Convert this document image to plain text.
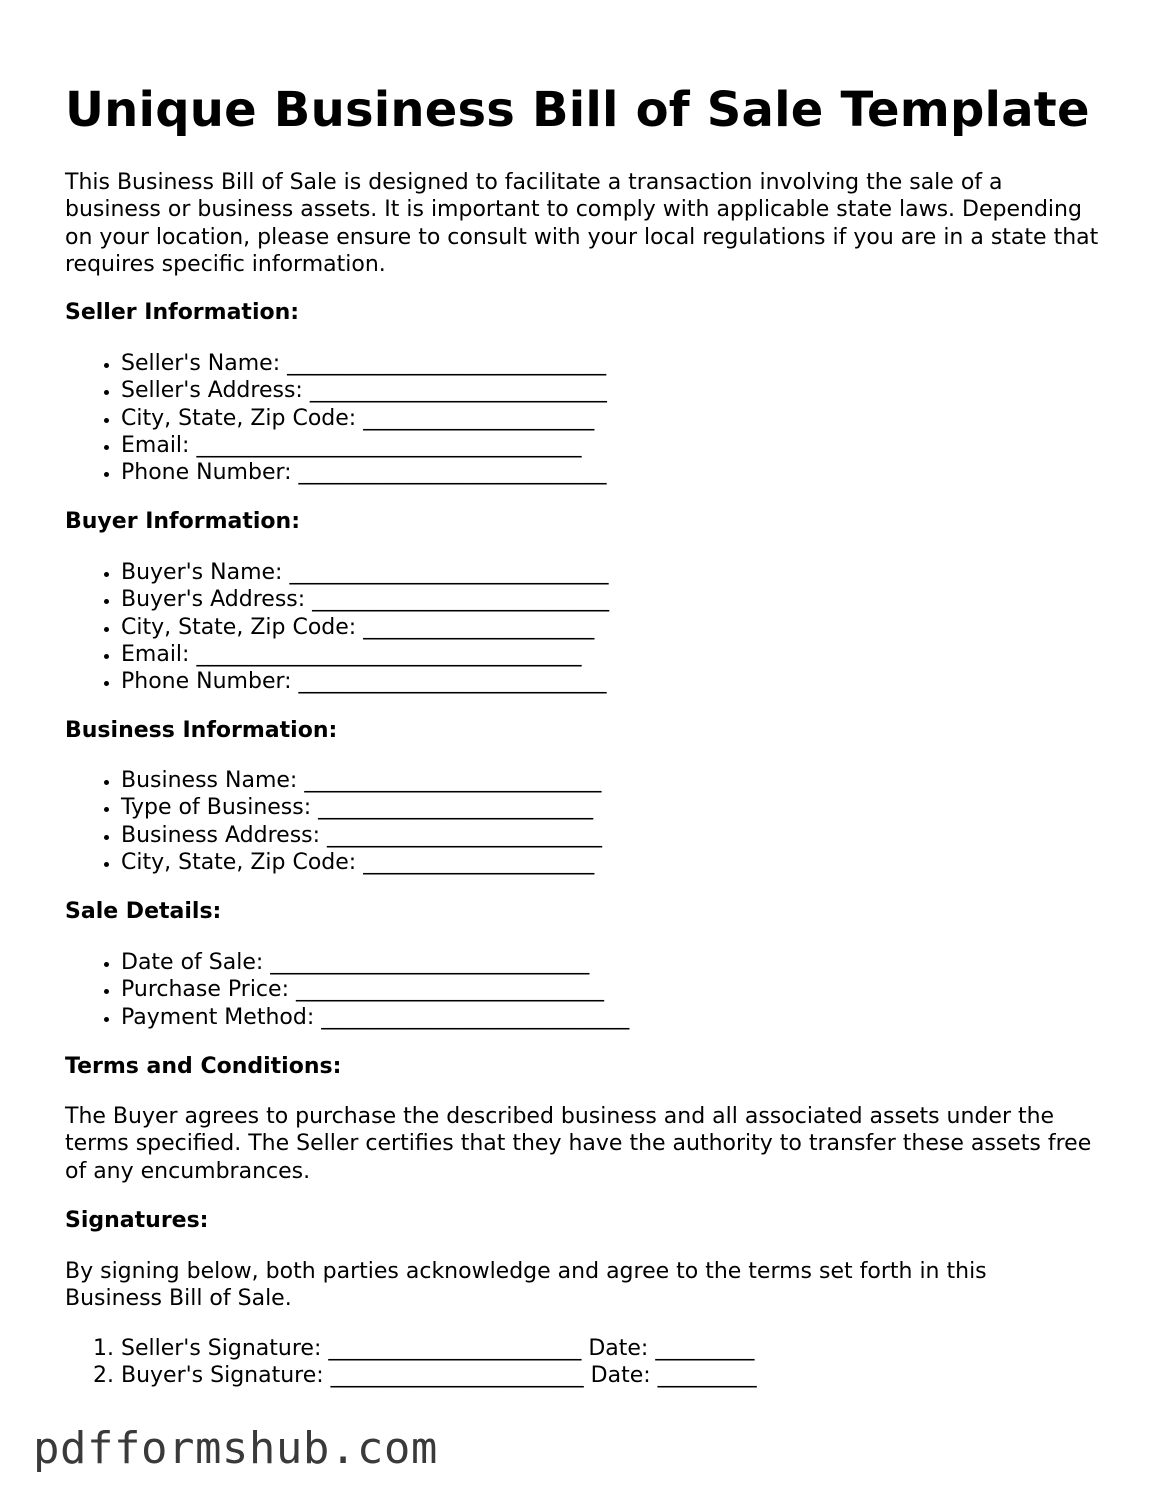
Unique Business Bill of Sale Template

This Business Bill of Sale is designed to facilitate a transaction involving the sale of a business or business assets. It is important to comply with applicable state laws. Depending on your location, please ensure to consult with your local regulations if you are in a state that requires specific information.

Seller Information:
• Seller's Name: _____________________________
• Seller's Address: ___________________________
• City, State, Zip Code: _____________________
• Email: ___________________________________
• Phone Number: ____________________________
Buyer Information:
• Buyer's Name: _____________________________
• Buyer's Address: ___________________________
• City, State, Zip Code: _____________________
• Email: ___________________________________
• Phone Number: ____________________________
Business Information:
• Business Name: ___________________________
• Type of Business: _________________________
• Business Address: _________________________
• City, State, Zip Code: _____________________
Sale Details:
• Date of Sale: _____________________________
• Purchase Price: ____________________________
• Payment Method: ____________________________
Terms and Conditions:

The Buyer agrees to purchase the described business and all associated assets under the terms specified. The Seller certifies that they have the authority to transfer these assets free of any encumbrances.

Signatures:

By signing below, both parties acknowledge and agree to the terms set forth in this Business Bill of Sale.

1. Seller's Signature: _______________________ Date: _________
2. Buyer's Signature: _______________________ Date: _________
pdfformshub.com
